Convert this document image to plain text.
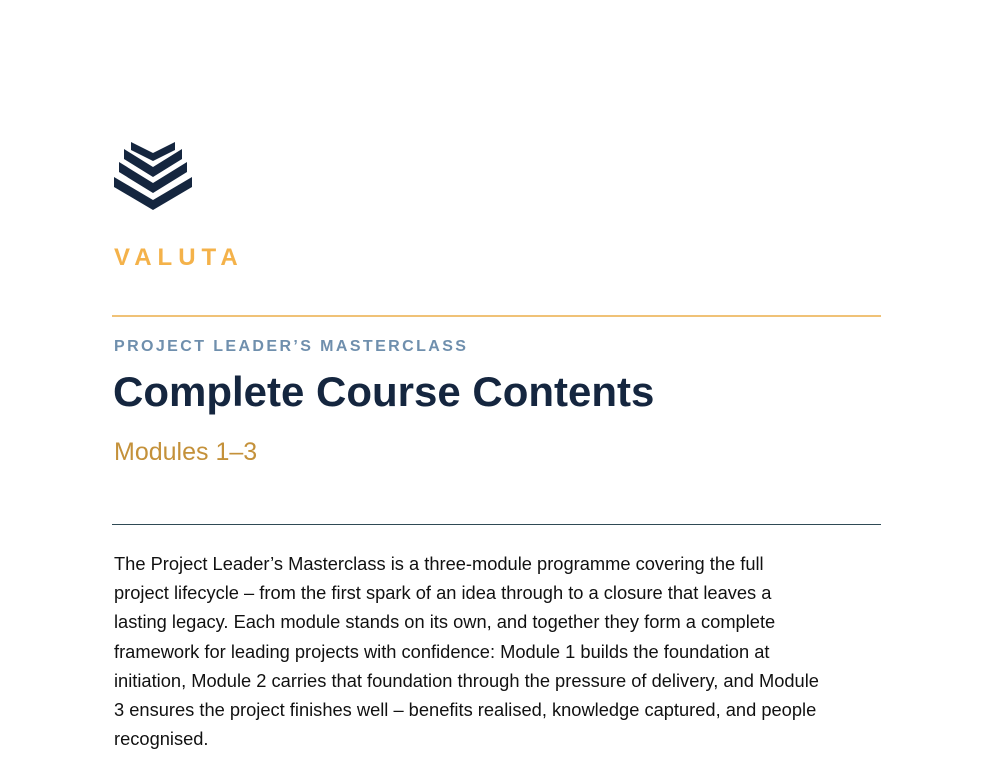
VALUTA
PROJECT LEADER’S MASTERCLASS
Complete Course Contents
Modules 1–3

The Project Leader’s Masterclass is a three-module programme covering the full
project lifecycle – from the first spark of an idea through to a closure that leaves a
lasting legacy. Each module stands on its own, and together they form a complete
framework for leading projects with confidence: Module 1 builds the foundation at
initiation, Module 2 carries that foundation through the pressure of delivery, and Module
3 ensures the project finishes well – benefits realised, knowledge captured, and people
recognised.
